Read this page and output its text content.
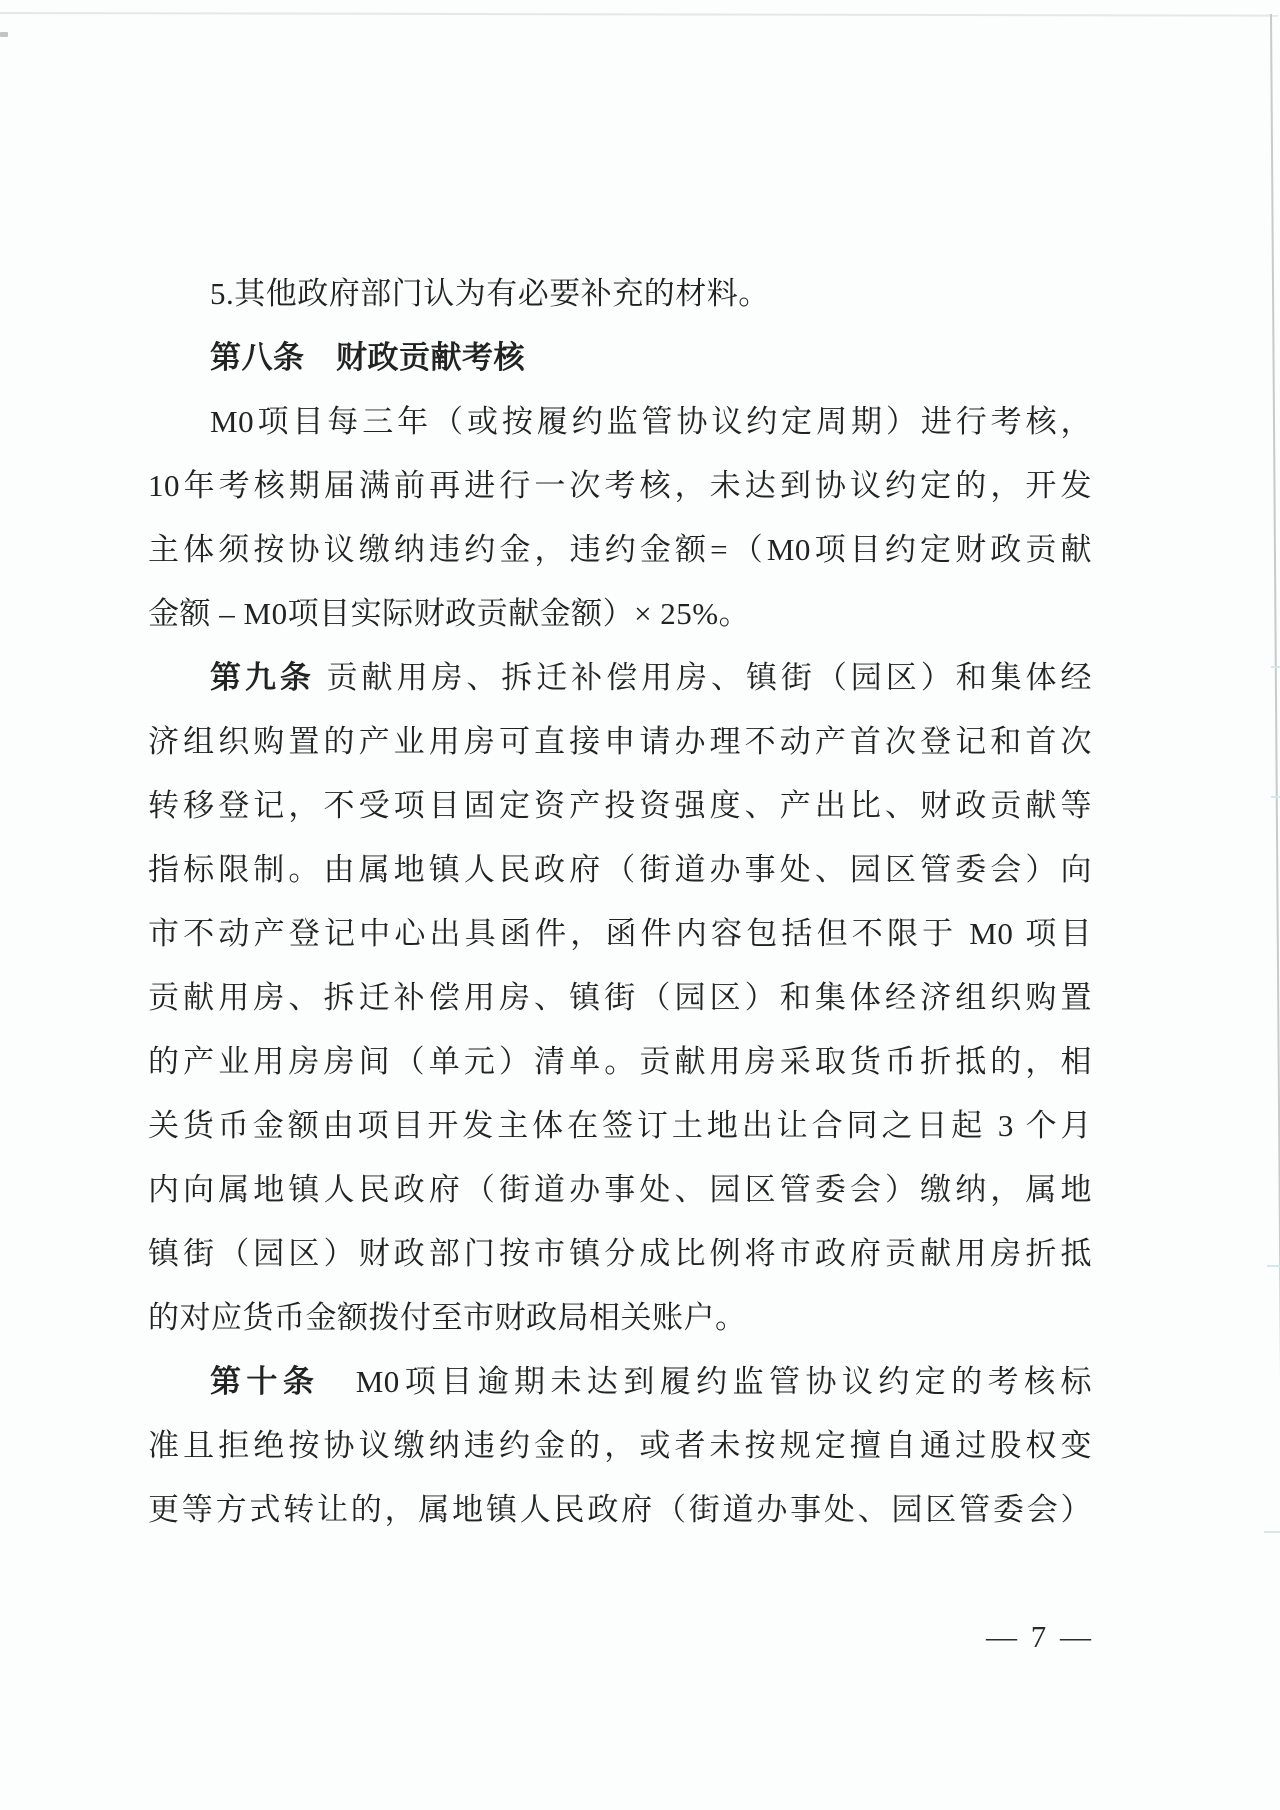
5.其他政府部门认为有必要补充的材料。
第八条　财政贡献考核
M0项目每三年（或按履约监管协议约定周期）进行考核，
10年考核期届满前再进行一次考核，未达到协议约定的，开发
主体须按协议缴纳违约金，违约金额=（M0项目约定财政贡献
金额 – M0项目实际财政贡献金额）× 25%。
第九条 贡献用房、拆迁补偿用房、镇街（园区）和集体经
济组织购置的产业用房可直接申请办理不动产首次登记和首次
转移登记，不受项目固定资产投资强度、产出比、财政贡献等
指标限制。由属地镇人民政府（街道办事处、园区管委会）向
市不动产登记中心出具函件，函件内容包括但不限于 M0 项目
贡献用房、拆迁补偿用房、镇街（园区）和集体经济组织购置
的产业用房房间（单元）清单。贡献用房采取货币折抵的，相
关货币金额由项目开发主体在签订土地出让合同之日起 3 个月
内向属地镇人民政府（街道办事处、园区管委会）缴纳，属地
镇街（园区）财政部门按市镇分成比例将市政府贡献用房折抵
的对应货币金额拨付至市财政局相关账户。
第十条　M0项目逾期未达到履约监管协议约定的考核标
准且拒绝按协议缴纳违约金的，或者未按规定擅自通过股权变
更等方式转让的，属地镇人民政府（街道办事处、园区管委会）
— 7 —
